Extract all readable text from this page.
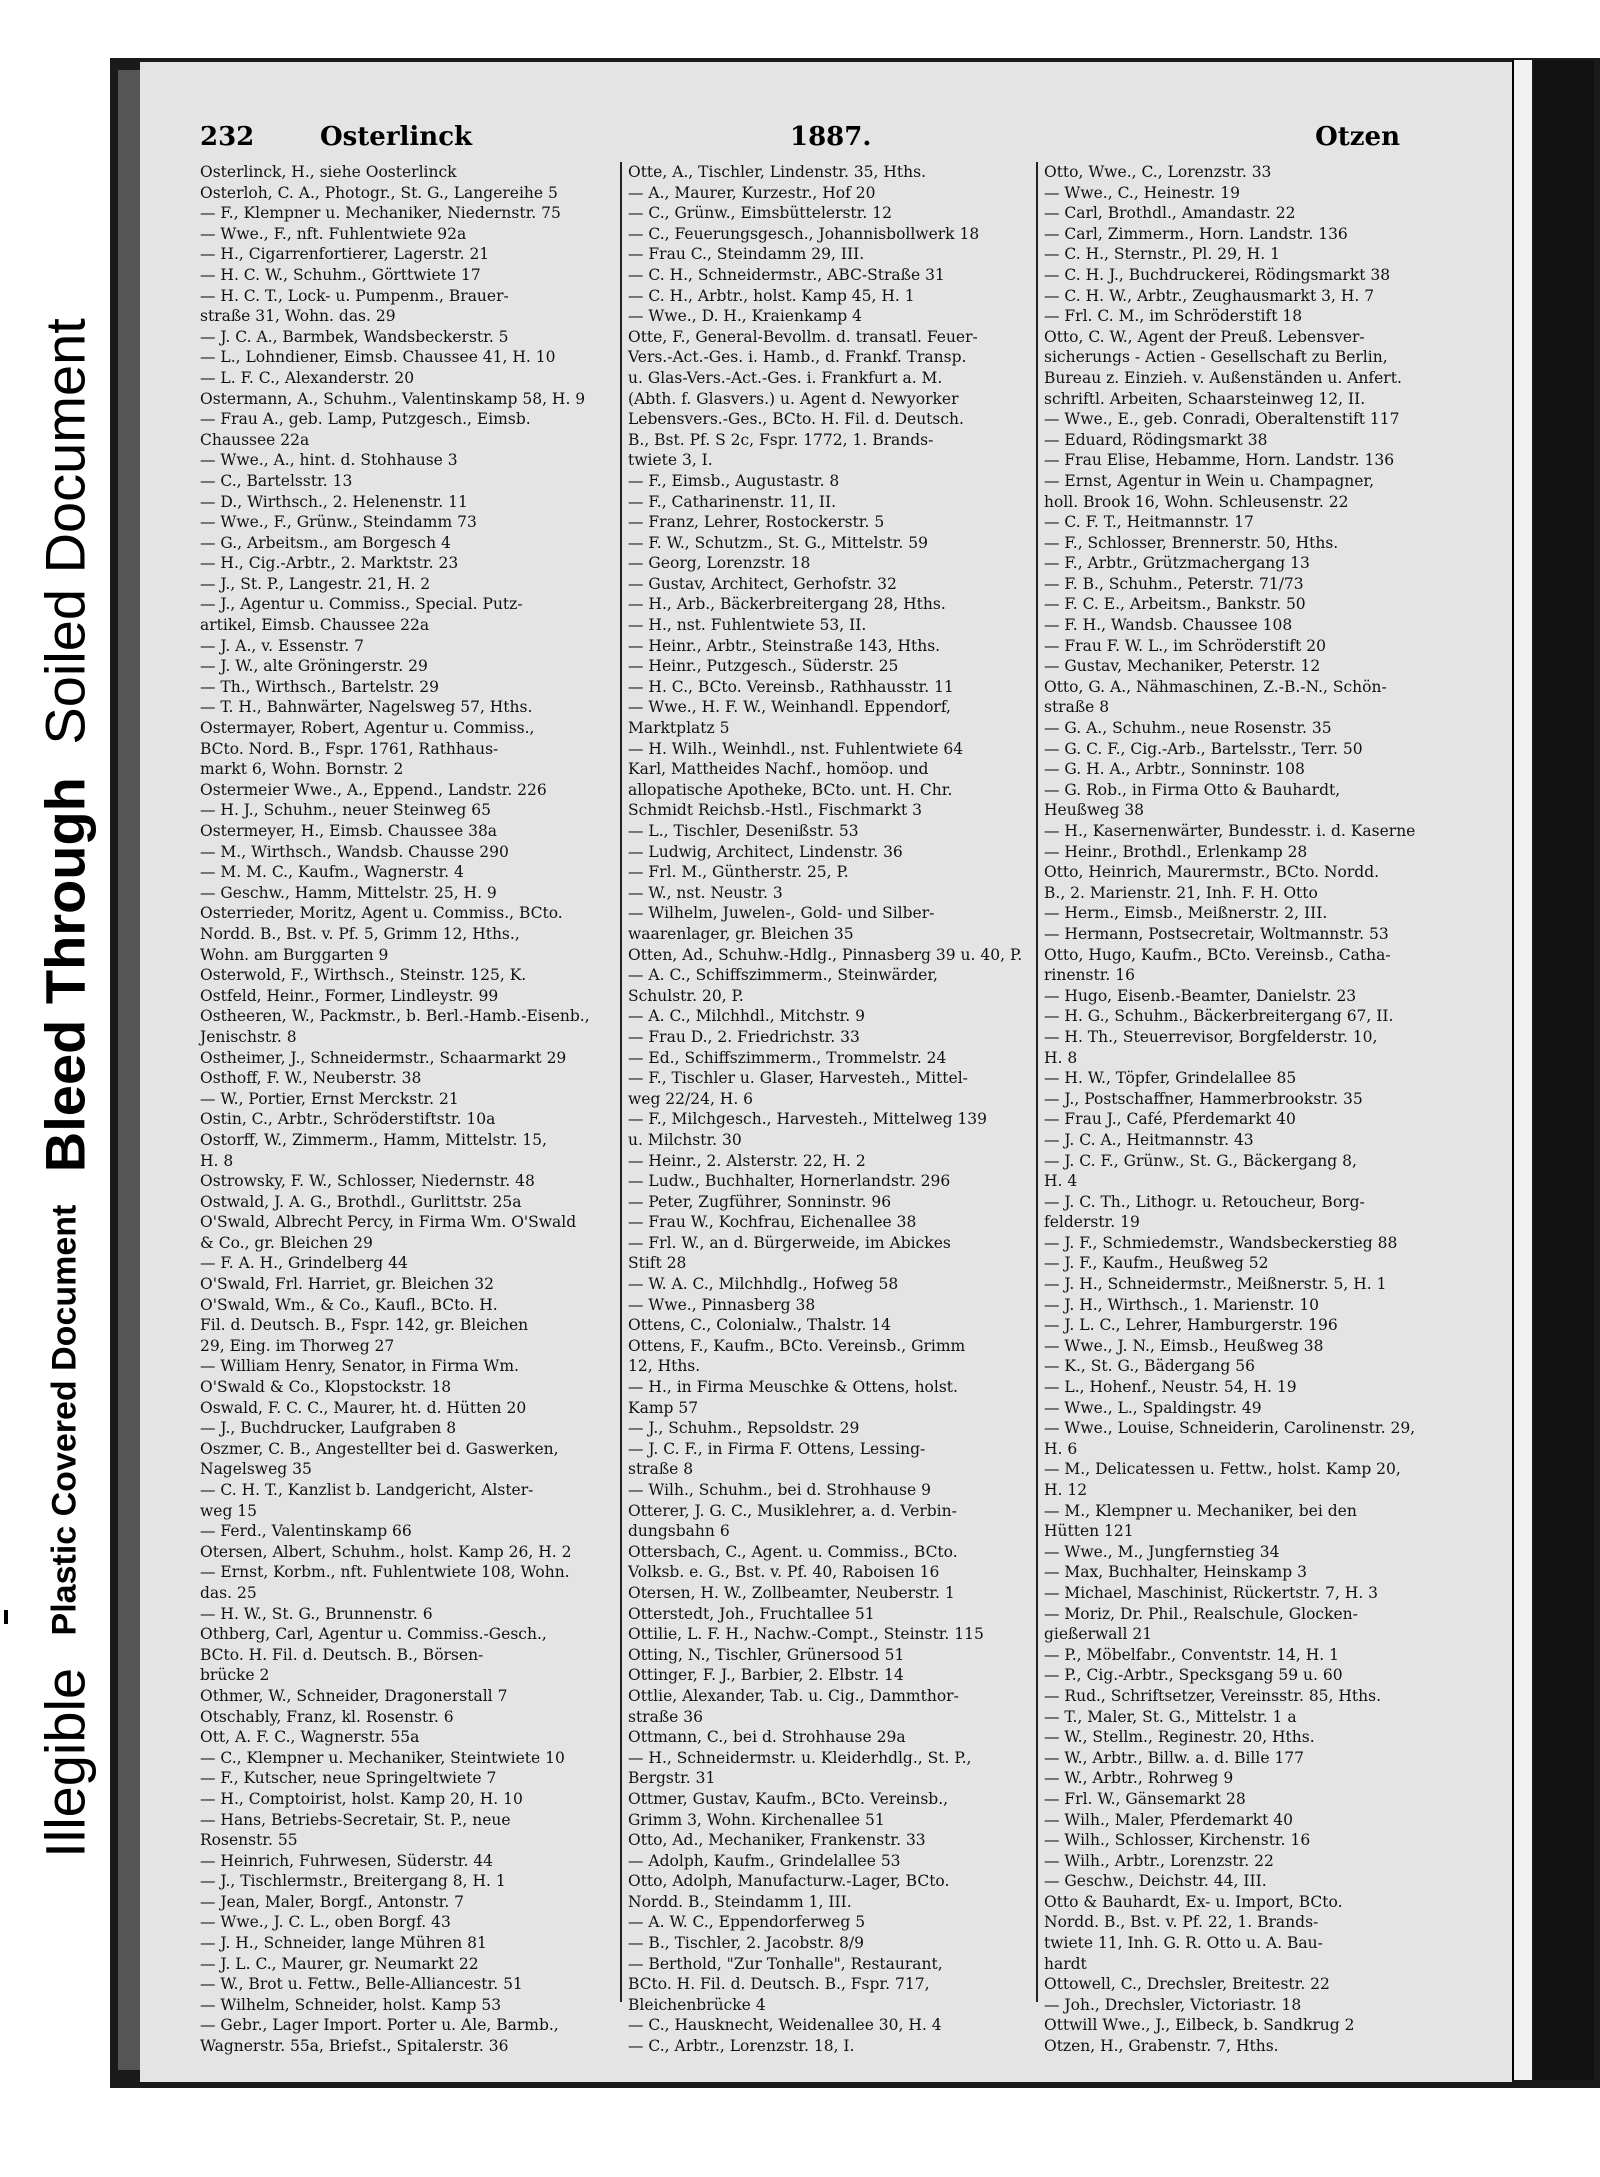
Illegible Plastic Covered Document Bleed Through Soiled Document
232	Osterlinck	1887.	Otzen
Osterlinck, H., siehe Oosterlinck
Osterloh, C. A., Photogr., St. G., Langereihe 5
— F., Klempner u. Mechaniker, Niedernstr. 75
— Wwe., F., nft. Fuhlentwiete 92a
— H., Cigarrenfortierer, Lagerstr. 21
— H. C. W., Schuhm., Görttwiete 17
— H. C. T., Lock- u. Pumpenm., Brauer-
straße 31, Wohn. das. 29
— J. C. A., Barmbek, Wandsbeckerstr. 5
— L., Lohndiener, Eimsb. Chaussee 41, H. 10
— L. F. C., Alexanderstr. 20
Ostermann, A., Schuhm., Valentinskamp 58, H. 9
— Frau A., geb. Lamp, Putzgesch., Eimsb.
Chaussee 22a
— Wwe., A., hint. d. Stohhause 3
— C., Bartelsstr. 13
— D., Wirthsch., 2. Helenenstr. 11
— Wwe., F., Grünw., Steindamm 73
— G., Arbeitsm., am Borgesch 4
— H., Cig.-Arbtr., 2. Marktstr. 23
— J., St. P., Langestr. 21, H. 2
— J., Agentur u. Commiss., Special. Putz-
artikel, Eimsb. Chaussee 22a
— J. A., v. Essenstr. 7
— J. W., alte Gröningerstr. 29
— Th., Wirthsch., Bartelstr. 29
— T. H., Bahnwärter, Nagelsweg 57, Hths.
Ostermayer, Robert, Agentur u. Commiss.,
BCto. Nord. B., Fspr. 1761, Rathhaus-
markt 6, Wohn. Bornstr. 2
Ostermeier Wwe., A., Eppend., Landstr. 226
— H. J., Schuhm., neuer Steinweg 65
Ostermeyer, H., Eimsb. Chaussee 38a
— M., Wirthsch., Wandsb. Chausse 290
— M. M. C., Kaufm., Wagnerstr. 4
— Geschw., Hamm, Mittelstr. 25, H. 9
Osterrieder, Moritz, Agent u. Commiss., BCto.
Nordd. B., Bst. v. Pf. 5, Grimm 12, Hths.,
Wohn. am Burggarten 9
Osterwold, F., Wirthsch., Steinstr. 125, K.
Ostfeld, Heinr., Former, Lindleystr. 99
Ostheeren, W., Packmstr., b. Berl.-Hamb.-Eisenb.,
Jenischstr. 8
Ostheimer, J., Schneidermstr., Schaarmarkt 29
Osthoff, F. W., Neuberstr. 38
— W., Portier, Ernst Merckstr. 21
Ostin, C., Arbtr., Schröderstiftstr. 10a
Ostorff, W., Zimmerm., Hamm, Mittelstr. 15,
H. 8
Ostrowsky, F. W., Schlosser, Niedernstr. 48
Ostwald, J. A. G., Brothdl., Gurlittstr. 25a
O'Swald, Albrecht Percy, in Firma Wm. O'Swald
& Co., gr. Bleichen 29
— F. A. H., Grindelberg 44
O'Swald, Frl. Harriet, gr. Bleichen 32
O'Swald, Wm., & Co., Kaufl., BCto. H.
Fil. d. Deutsch. B., Fspr. 142, gr. Bleichen
29, Eing. im Thorweg 27
— William Henry, Senator, in Firma Wm.
O'Swald & Co., Klopstockstr. 18
Oswald, F. C. C., Maurer, ht. d. Hütten 20
— J., Buchdrucker, Laufgraben 8
Oszmer, C. B., Angestellter bei d. Gaswerken,
Nagelsweg 35
— C. H. T., Kanzlist b. Landgericht, Alster-
weg 15
— Ferd., Valentinskamp 66
Otersen, Albert, Schuhm., holst. Kamp 26, H. 2
— Ernst, Korbm., nft. Fuhlentwiete 108, Wohn.
das. 25
— H. W., St. G., Brunnenstr. 6
Othberg, Carl, Agentur u. Commiss.-Gesch.,
BCto. H. Fil. d. Deutsch. B., Börsen-
brücke 2
Othmer, W., Schneider, Dragonerstall 7
Otschably, Franz, kl. Rosenstr. 6
Ott, A. F. C., Wagnerstr. 55a
— C., Klempner u. Mechaniker, Steintwiete 10
— F., Kutscher, neue Springeltwiete 7
— H., Comptoirist, holst. Kamp 20, H. 10
— Hans, Betriebs-Secretair, St. P., neue
Rosenstr. 55
— Heinrich, Fuhrwesen, Süderstr. 44
— J., Tischlermstr., Breitergang 8, H. 1
— Jean, Maler, Borgf., Antonstr. 7
— Wwe., J. C. L., oben Borgf. 43
— J. H., Schneider, lange Mühren 81
— J. L. C., Maurer, gr. Neumarkt 22
— W., Brot u. Fettw., Belle-Alliancestr. 51
— Wilhelm, Schneider, holst. Kamp 53
— Gebr., Lager Import. Porter u. Ale, Barmb.,
Wagnerstr. 55a, Briefst., Spitalerstr. 36
Otte, A., Tischler, Lindenstr. 35, Hths.
— A., Maurer, Kurzestr., Hof 20
— C., Grünw., Eimsbüttelerstr. 12
— C., Feuerungsgesch., Johannisbollwerk 18
— Frau C., Steindamm 29, III.
— C. H., Schneidermstr., ABC-Straße 31
— C. H., Arbtr., holst. Kamp 45, H. 1
— Wwe., D. H., Kraienkamp 4
Otte, F., General-Bevollm. d. transatl. Feuer-
Vers.-Act.-Ges. i. Hamb., d. Frankf. Transp.
u. Glas-Vers.-Act.-Ges. i. Frankfurt a. M.
(Abth. f. Glasvers.) u. Agent d. Newyorker
Lebensvers.-Ges., BCto. H. Fil. d. Deutsch.
B., Bst. Pf. S 2c, Fspr. 1772, 1. Brands-
twiete 3, I.
— F., Eimsb., Augustastr. 8
— F., Catharinenstr. 11, II.
— Franz, Lehrer, Rostockerstr. 5
— F. W., Schutzm., St. G., Mittelstr. 59
— Georg, Lorenzstr. 18
— Gustav, Architect, Gerhofstr. 32
— H., Arb., Bäckerbreitergang 28, Hths.
— H., nst. Fuhlentwiete 53, II.
— Heinr., Arbtr., Steinstraße 143, Hths.
— Heinr., Putzgesch., Süderstr. 25
— H. C., BCto. Vereinsb., Rathhausstr. 11
— Wwe., H. F. W., Weinhandl. Eppendorf,
Marktplatz 5
— H. Wilh., Weinhdl., nst. Fuhlentwiete 64
Karl, Mattheides Nachf., homöop. und
allopatische Apotheke, BCto. unt. H. Chr.
Schmidt Reichsb.-Hstl., Fischmarkt 3
— L., Tischler, Desenißstr. 53
— Ludwig, Architect, Lindenstr. 36
— Frl. M., Güntherstr. 25, P.
— W., nst. Neustr. 3
— Wilhelm, Juwelen-, Gold- und Silber-
waarenlager, gr. Bleichen 35
Otten, Ad., Schuhw.-Hdlg., Pinnasberg 39 u. 40, P.
— A. C., Schiffszimmerm., Steinwärder,
Schulstr. 20, P.
— A. C., Milchhdl., Mitchstr. 9
— Frau D., 2. Friedrichstr. 33
— Ed., Schiffszimmerm., Trommelstr. 24
— F., Tischler u. Glaser, Harvesteh., Mittel-
weg 22/24, H. 6
— F., Milchgesch., Harvesteh., Mittelweg 139
u. Milchstr. 30
— Heinr., 2. Alsterstr. 22, H. 2
— Ludw., Buchhalter, Hornerlandstr. 296
— Peter, Zugführer, Sonninstr. 96
— Frau W., Kochfrau, Eichenallee 38
— Frl. W., an d. Bürgerweide, im Abickes
Stift 28
— W. A. C., Milchhdlg., Hofweg 58
— Wwe., Pinnasberg 38
Ottens, C., Colonialw., Thalstr. 14
Ottens, F., Kaufm., BCto. Vereinsb., Grimm
12, Hths.
— H., in Firma Meuschke & Ottens, holst.
Kamp 57
— J., Schuhm., Repsoldstr. 29
— J. C. F., in Firma F. Ottens, Lessing-
straße 8
— Wilh., Schuhm., bei d. Strohhause 9
Otterer, J. G. C., Musiklehrer, a. d. Verbin-
dungsbahn 6
Ottersbach, C., Agent. u. Commiss., BCto.
Volksb. e. G., Bst. v. Pf. 40, Raboisen 16
Otersen, H. W., Zollbeamter, Neuberstr. 1
Otterstedt, Joh., Fruchtallee 51
Ottilie, L. F. H., Nachw.-Compt., Steinstr. 115
Otting, N., Tischler, Grünersood 51
Ottinger, F. J., Barbier, 2. Elbstr. 14
Ottlie, Alexander, Tab. u. Cig., Dammthor-
straße 36
Ottmann, C., bei d. Strohhause 29a
— H., Schneidermstr. u. Kleiderhdlg., St. P.,
Bergstr. 31
Ottmer, Gustav, Kaufm., BCto. Vereinsb.,
Grimm 3, Wohn. Kirchenallee 51
Otto, Ad., Mechaniker, Frankenstr. 33
— Adolph, Kaufm., Grindelallee 53
Otto, Adolph, Manufacturw.-Lager, BCto.
Nordd. B., Steindamm 1, III.
— A. W. C., Eppendorferweg 5
— B., Tischler, 2. Jacobstr. 8/9
— Berthold, "Zur Tonhalle", Restaurant,
BCto. H. Fil. d. Deutsch. B., Fspr. 717,
Bleichenbrücke 4
— C., Hausknecht, Weidenallee 30, H. 4
— C., Arbtr., Lorenzstr. 18, I.
Otto, Wwe., C., Lorenzstr. 33
— Wwe., C., Heinestr. 19
— Carl, Brothdl., Amandastr. 22
— Carl, Zimmerm., Horn. Landstr. 136
— C. H., Sternstr., Pl. 29, H. 1
— C. H. J., Buchdruckerei, Rödingsmarkt 38
— C. H. W., Arbtr., Zeughausmarkt 3, H. 7
— Frl. C. M., im Schröderstift 18
Otto, C. W., Agent der Preuß. Lebensver-
sicherungs - Actien - Gesellschaft zu Berlin,
Bureau z. Einzieh. v. Außenständen u. Anfert.
schriftl. Arbeiten, Schaarsteinweg 12, II.
— Wwe., E., geb. Conradi, Oberaltenstift 117
— Eduard, Rödingsmarkt 38
— Frau Elise, Hebamme, Horn. Landstr. 136
— Ernst, Agentur in Wein u. Champagner,
holl. Brook 16, Wohn. Schleusenstr. 22
— C. F. T., Heitmannstr. 17
— F., Schlosser, Brennerstr. 50, Hths.
— F., Arbtr., Grützmachergang 13
— F. B., Schuhm., Peterstr. 71/73
— F. C. E., Arbeitsm., Bankstr. 50
— F. H., Wandsb. Chaussee 108
— Frau F. W. L., im Schröderstift 20
— Gustav, Mechaniker, Peterstr. 12
Otto, G. A., Nähmaschinen, Z.-B.-N., Schön-
straße 8
— G. A., Schuhm., neue Rosenstr. 35
— G. C. F., Cig.-Arb., Bartelsstr., Terr. 50
— G. H. A., Arbtr., Sonninstr. 108
— G. Rob., in Firma Otto & Bauhardt,
Heußweg 38
— H., Kasernenwärter, Bundesstr. i. d. Kaserne
— Heinr., Brothdl., Erlenkamp 28
Otto, Heinrich, Maurermstr., BCto. Nordd.
B., 2. Marienstr. 21, Inh. F. H. Otto
— Herm., Eimsb., Meißnerstr. 2, III.
— Hermann, Postsecretair, Woltmannstr. 53
Otto, Hugo, Kaufm., BCto. Vereinsb., Catha-
rinenstr. 16
— Hugo, Eisenb.-Beamter, Danielstr. 23
— H. G., Schuhm., Bäckerbreitergang 67, II.
— H. Th., Steuerrevisor, Borgfelderstr. 10,
H. 8
— H. W., Töpfer, Grindelallee 85
— J., Postschaffner, Hammerbrookstr. 35
— Frau J., Café, Pferdemarkt 40
— J. C. A., Heitmannstr. 43
— J. C. F., Grünw., St. G., Bäckergang 8,
H. 4
— J. C. Th., Lithogr. u. Retoucheur, Borg-
felderstr. 19
— J. F., Schmiedemstr., Wandsbeckerstieg 88
— J. F., Kaufm., Heußweg 52
— J. H., Schneidermstr., Meißnerstr. 5, H. 1
— J. H., Wirthsch., 1. Marienstr. 10
— J. L. C., Lehrer, Hamburgerstr. 196
— Wwe., J. N., Eimsb., Heußweg 38
— K., St. G., Bädergang 56
— L., Hohenf., Neustr. 54, H. 19
— Wwe., L., Spaldingstr. 49
— Wwe., Louise, Schneiderin, Carolinenstr. 29,
H. 6
— M., Delicatessen u. Fettw., holst. Kamp 20,
H. 12
— M., Klempner u. Mechaniker, bei den
Hütten 121
— Wwe., M., Jungfernstieg 34
— Max, Buchhalter, Heinskamp 3
— Michael, Maschinist, Rückertstr. 7, H. 3
— Moriz, Dr. Phil., Realschule, Glocken-
gießerwall 21
— P., Möbelfabr., Conventstr. 14, H. 1
— P., Cig.-Arbtr., Specksgang 59 u. 60
— Rud., Schriftsetzer, Vereinsstr. 85, Hths.
— T., Maler, St. G., Mittelstr. 1 a
— W., Stellm., Reginestr. 20, Hths.
— W., Arbtr., Billw. a. d. Bille 177
— W., Arbtr., Rohrweg 9
— Frl. W., Gänsemarkt 28
— Wilh., Maler, Pferdemarkt 40
— Wilh., Schlosser, Kirchenstr. 16
— Wilh., Arbtr., Lorenzstr. 22
— Geschw., Deichstr. 44, III.
Otto & Bauhardt, Ex- u. Import, BCto.
Nordd. B., Bst. v. Pf. 22, 1. Brands-
twiete 11, Inh. G. R. Otto u. A. Bau-
hardt
Ottowell, C., Drechsler, Breitestr. 22
— Joh., Drechsler, Victoriastr. 18
Ottwill Wwe., J., Eilbeck, b. Sandkrug 2
Otzen, H., Grabenstr. 7, Hths.
